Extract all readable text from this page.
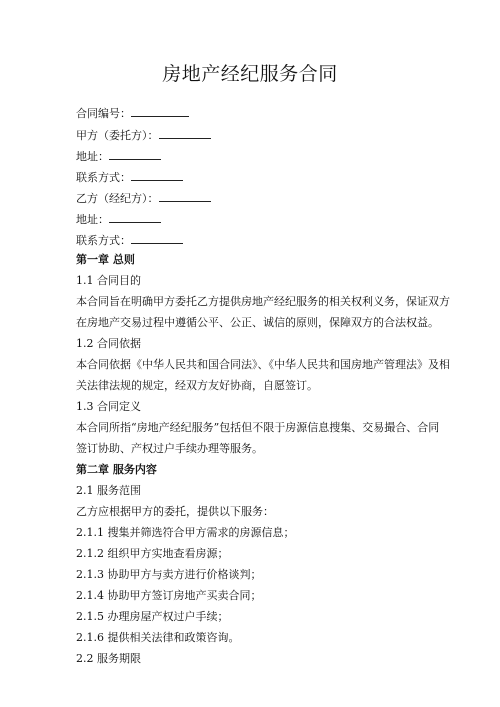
房地产经纪服务合同
合同编号：
甲方（委托方）：
地址：
联系方式：
乙方（经纪方）：
地址：
联系方式：
第一章 总则
1.1 合同目的
本合同旨在明确甲方委托乙方提供房地产经纪服务的相关权利义务，保证双方
在房地产交易过程中遵循公平、公正、诚信的原则，保障双方的合法权益。
1.2 合同依据
本合同依据《中华人民共和国合同法》、《中华人民共和国房地产管理法》及相
关法律法规的规定，经双方友好协商，自愿签订。
1.3 合同定义
本合同所指“房地产经纪服务”包括但不限于房源信息搜集、交易撮合、合同
签订协助、产权过户手续办理等服务。
第二章 服务内容
2.1 服务范围
乙方应根据甲方的委托，提供以下服务：
2.1.1 搜集并筛选符合甲方需求的房源信息；
2.1.2 组织甲方实地查看房源；
2.1.3 协助甲方与卖方进行价格谈判；
2.1.4 协助甲方签订房地产买卖合同；
2.1.5 办理房屋产权过户手续；
2.1.6 提供相关法律和政策咨询。
2.2 服务期限
